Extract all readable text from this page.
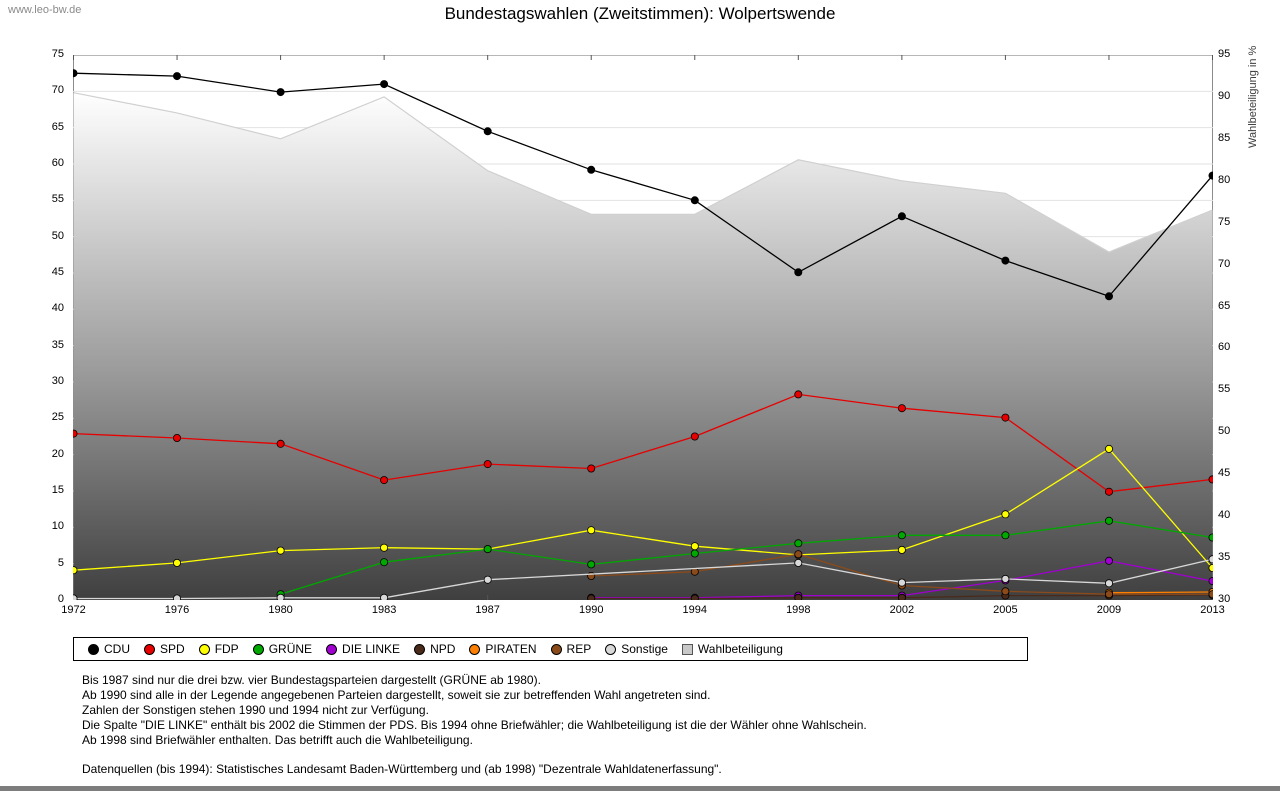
www.leo-bw.de	Bundestagswahlen (Zweitstimmen): Wolpertswende
Wahlbeteiligung in %
0
5
10
15
20
25
30
35
40
45
50
55
60
65
70
75
30
35
40
45
50
55
60
65
70
75
80
85
90
95
1972	1976	1980	1983	1987	1990	1994	1998	2002	2005	2009	2013
CDU	SPD	FDP	GRÜNE	DIE LINKE	NPD	PIRATEN	REP	Sonstige	Wahlbeteiligung
Bis 1987 sind nur die drei bzw. vier Bundestagsparteien dargestellt (GRÜNE ab 1980).
Ab 1990 sind alle in der Legende angegebenen Parteien dargestellt, soweit sie zur betreffenden Wahl angetreten sind.
Zahlen der Sonstigen stehen 1990 und 1994 nicht zur Verfügung.
Die Spalte "DIE LINKE" enthält bis 2002 die Stimmen der PDS. Bis 1994 ohne Briefwähler; die Wahlbeteiligung ist die der Wähler ohne Wahlschein.
Ab 1998 sind Briefwähler enthalten. Das betrifft auch die Wahlbeteiligung.
Datenquellen (bis 1994): Statistisches Landesamt Baden-Württemberg und (ab 1998) "Dezentrale Wahldatenerfassung".
